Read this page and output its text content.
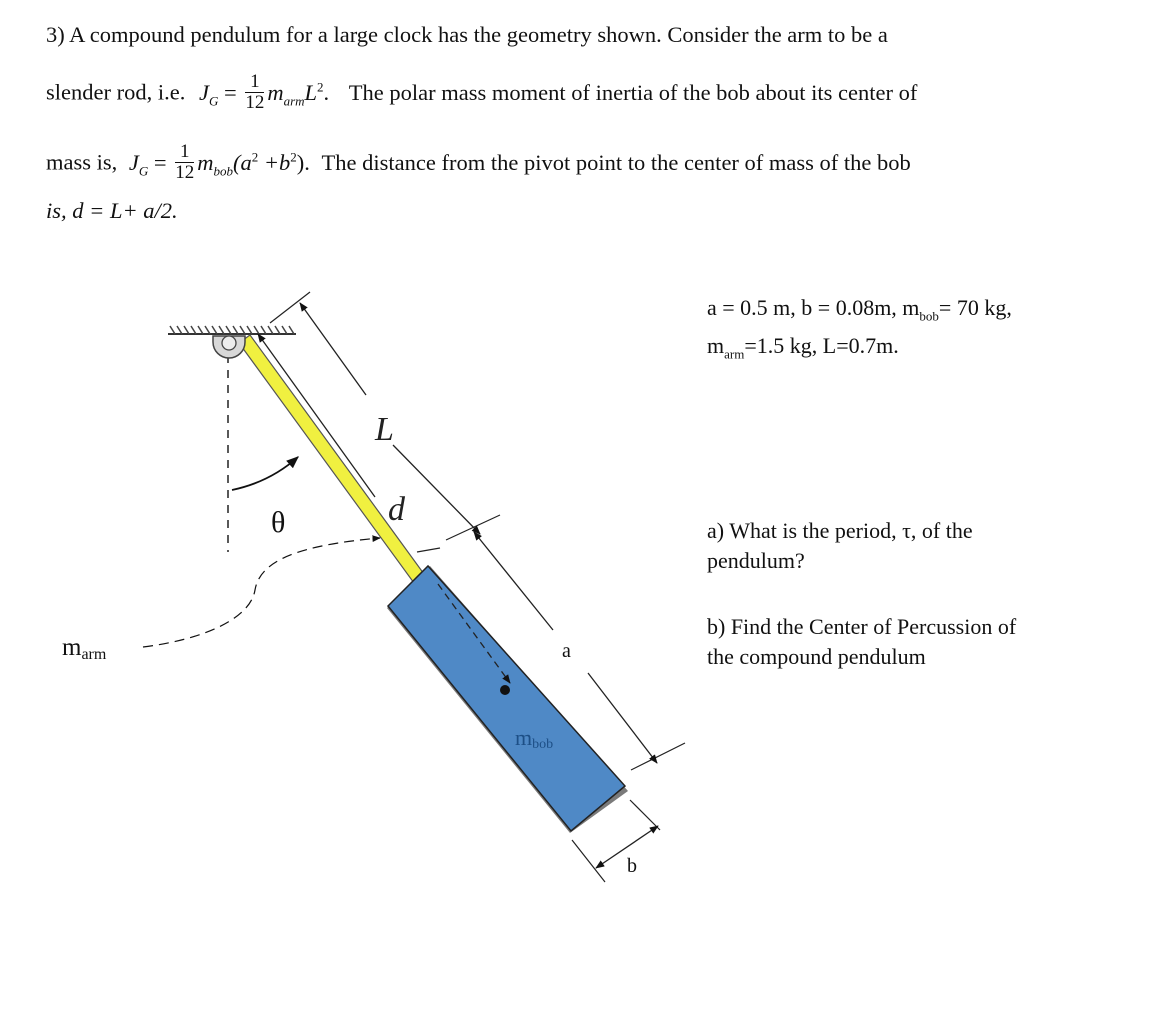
3) A compound pendulum for a large clock has the geometry shown. Consider the arm to be a
slender rod, i.e. $J_G = \frac{1}{12} m_{arm}L^2$. The polar mass moment of inertia of the bob about its center of
mass is, $J_G = \frac{1}{12} m_{bob}(a^2 +b^2)$. The distance from the pivot point to the center of mass of the bob
is, d = L+ a/2.
a = 0.5 m, b = 0.08m, $m_{bob}= 70$ kg,
$m_{arm}=1.5$ kg, L=0.7m.
a) What is the period, τ, of the
pendulum?
b) Find the Center of Percussion of
the compound pendulum
L
d
θ
a
b
marm
mbob
